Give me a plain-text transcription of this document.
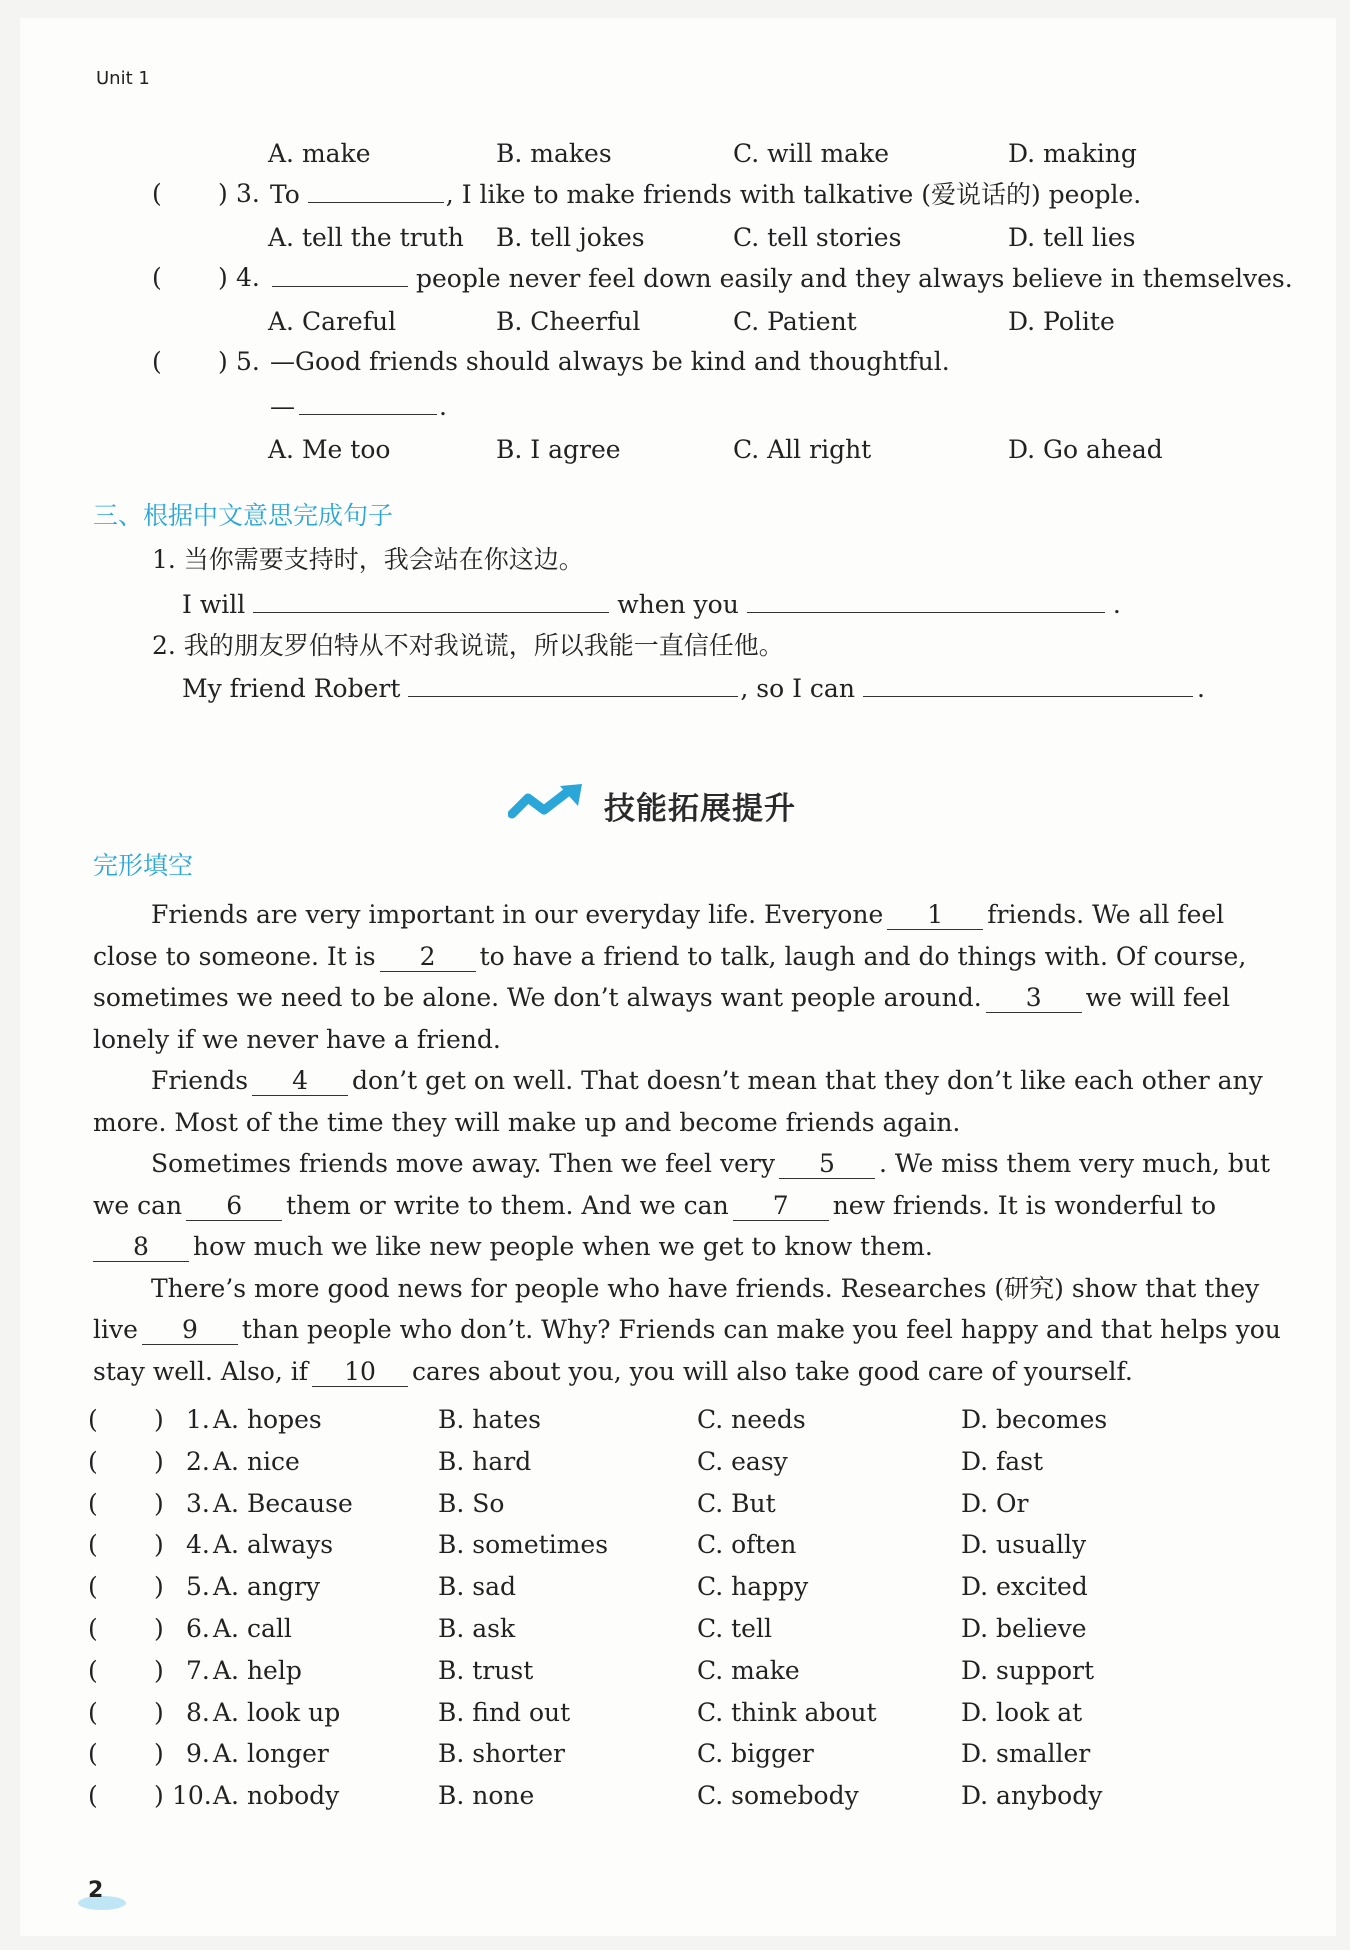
Unit 1
A. make	B. makes	C. will make	D. making
( ) 3. To	, I like to make friends with talkative (爱说话的) people.
A. tell the truth B. tell jokes	C. tell stories	D. tell lies
( ) 4.	people never feel down easily and they always believe in themselves.
A. Careful	B. Cheerful	C. Patient	D. Polite
( ) 5. —Good friends should always be kind and thoughtful.
—	.
A. Me too	B. I agree	C. All right	D. Go ahead
三、根据中文意思完成句子
1. 当你需要支持时，我会站在你这边。
I will	when you	.
2. 我的朋友罗伯特从不对我说谎，所以我能一直信任他。
My friend Robert	, so I can	.
技能拓展提升
完形填空
Friends are very important in our everyday life. Everyone 1 friends. We all feel
close to someone. It is 2 to have a friend to talk, laugh and do things with. Of course,
sometimes we need to be alone. We don’t always want people around. 3 we will feel
lonely if we never have a friend.
Friends 4 don’t get on well. That doesn’t mean that they don’t like each other any
more. Most of the time they will make up and become friends again.
Sometimes friends move away. Then we feel very 5 . We miss them very much, but
we can 6 them or write to them. And we can 7 new friends. It is wonderful to
8 how much we like new people when we get to know them.
There’s more good news for people who have friends. Researches (研究) show that they
live 9 than people who don’t. Why? Friends can make you feel happy and that helps you
stay well. Also, if 10 cares about you, you will also take good care of yourself.
( ) 1. A. hopes	B. hates	C. needs	D. becomes
( ) 2. A. nice	B. hard	C. easy	D. fast
( ) 3. A. Because	B. So	C. But	D. Or
( ) 4. A. always	B. sometimes	C. often	D. usually
( ) 5. A. angry	B. sad	C. happy	D. excited
( ) 6. A. call	B. ask	C. tell	D. believe
( ) 7. A. help	B. trust	C. make	D. support
( ) 8. A. look up	B. find out	C. think about	D. look at
( ) 9. A. longer	B. shorter	C. bigger	D. smaller
( ) 10. A. nobody	B. none	C. somebody	D. anybody
2
